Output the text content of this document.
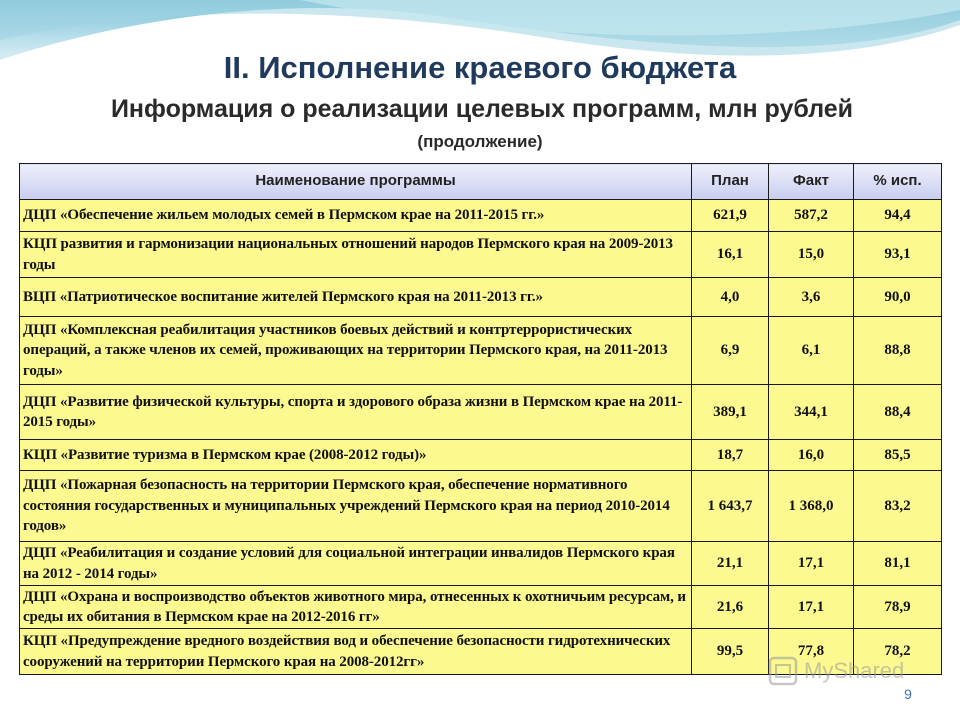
II. Исполнение краевого бюджета
Информация о реализации целевых программ, млн рублей
(продолжение)
Наименование программы	План	Факт	% исп.
ДЦП «Обеспечение жильем молодых семей в Пермском крае на 2011-2015 гг.»	621,9	587,2	94,4
КЦП развития и гармонизации национальных отношений народов Пермского края на 2009-2013 годы	16,1	15,0	93,1
ВЦП «Патриотическое воспитание жителей Пермского края на 2011-2013 гг.»	4,0	3,6	90,0
ДЦП «Комплексная реабилитация участников боевых действий и контртеррористических операций, а также членов их семей, проживающих на территории Пермского края, на 2011-2013 годы»	6,9	6,1	88,8
ДЦП «Развитие физической культуры, спорта и здорового образа жизни в Пермском крае на 2011-2015 годы»	389,1	344,1	88,4
КЦП «Развитие туризма в Пермском крае (2008-2012 годы)»	18,7	16,0	85,5
ДЦП «Пожарная безопасность на территории Пермского края, обеспечение нормативного состояния государственных и муниципальных учреждений Пермского края на период 2010-2014 годов»	1 643,7	1 368,0	83,2
ДЦП «Реабилитация и создание условий для социальной интеграции инвалидов Пермского края на 2012 - 2014 годы»	21,1	17,1	81,1
ДЦП «Охрана и воспроизводство объектов животного мира, отнесенных к охотничьим ресурсам, и среды их обитания в Пермском крае на 2012-2016 гг»	21,6	17,1	78,9
КЦП «Предупреждение вредного воздействия вод и обеспечение безопасности гидротехнических сооружений на территории Пермского края на 2008-2012гг»	99,5	77,8	78,2
MyShared
9
